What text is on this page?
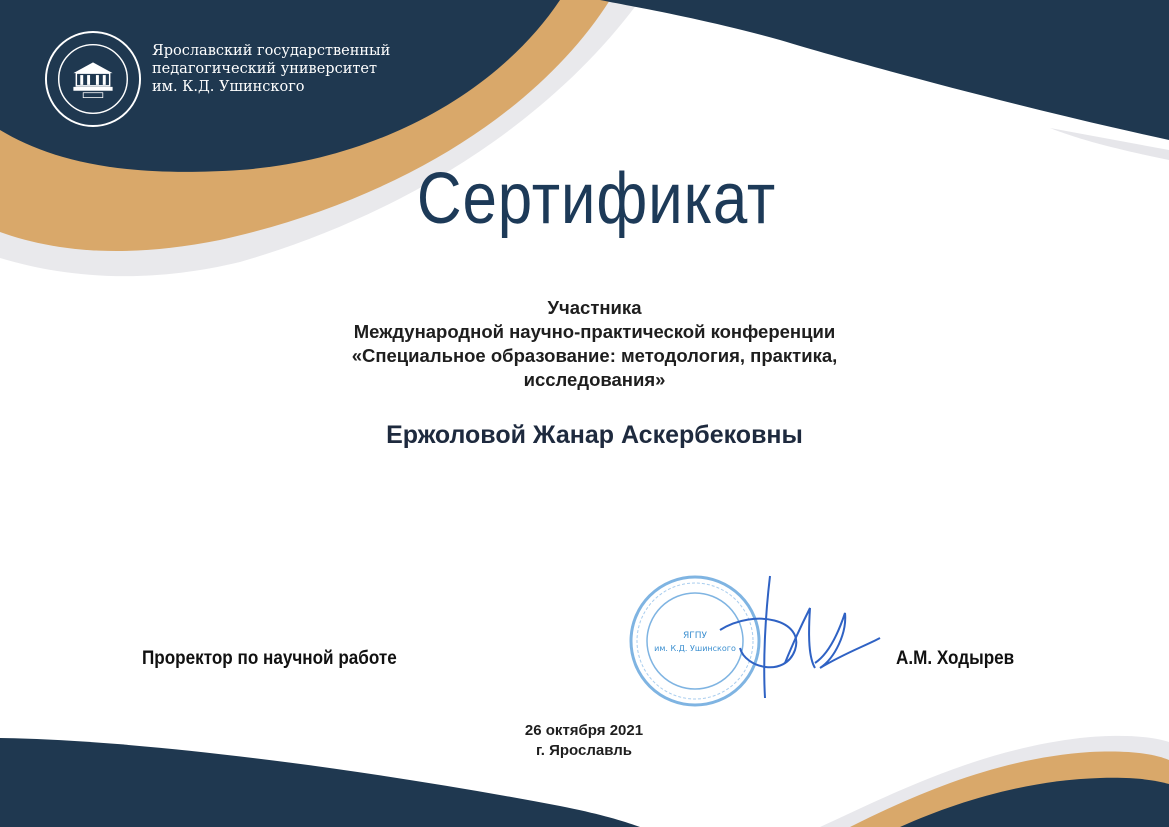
Ярославский государственный
педагогический университет
им. К.Д. Ушинского
Сертификат
Участника
Международной научно-практической конференции
«Специальное образование: методология, практика,
исследования»
Ержоловой Жанар Аскербековны
Проректор по научной работе
ЯГПУ
им. К.Д. Ушинского	А.М. Ходырев
26 октября 2021
г. Ярославль
